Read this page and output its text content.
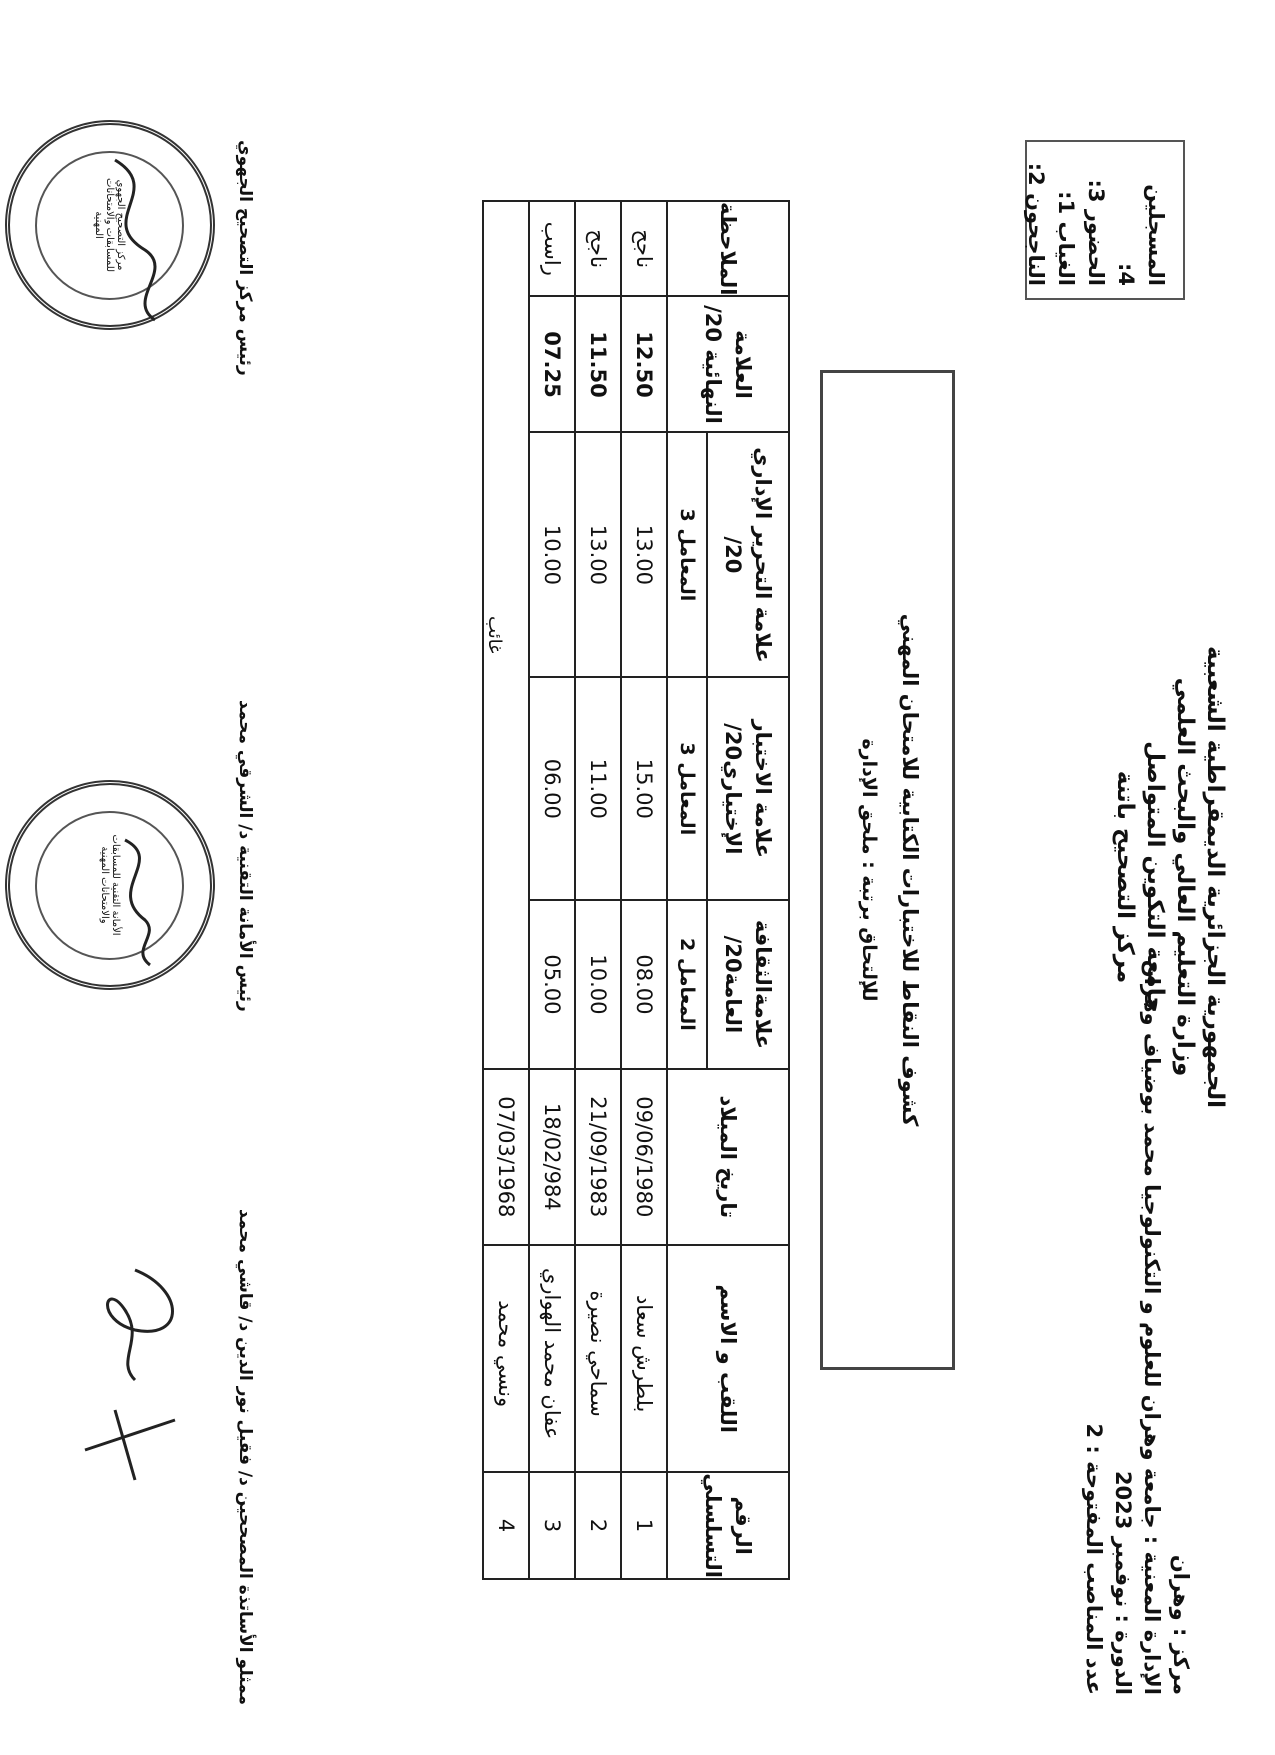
الجمهورية الجزائرية الديمقراطية الشعبية
وزارة التعليم العالي والبحث العلمي
جامعة التكوين المتواصل
مركز التصحيح باتنة
مركز : وهران
الإدارة المعنية : جامعة وهران للعلوم و التكنولوجيا محمد بوضياف وهران
الدورة : نوفمبر 2023
عدد المناصب المفتوحة : 2
المسجلين 4:
الحضور 3:
الغياب 1:
الناجحون 2:
كشوف النقاط للاختبارات الكتابية للامتحان المهني
للإلتحاق برتبة : ملحق الإدارة
الرقم التسلسلي	اللقب و الاسم	تاريخ الميلاد	علامةالثقافة العامة20/	علامة الاختبار الإختياري20/	علامة التحرير الإداري 20/	العلامة النهائية 20/	الملاحظة
			المعامل 2	المعامل 3	المعامل 3		
1	بلطرش سعاد	09/06/1980	08.00	15.00	13.00	12.50	ناجح
2	سماحي نصيرة	21/09/1983	10.00	11.00	13.00	11.50	ناجح
3	عفان محمد الهواري	18/02/984	05.00	06.00	10.00	07.25	راسب
4	ونسي محمد	07/03/1968	غائب				
ممثلو الأساتذة المصححين د/ فقيل نور الدين د/ قاشي محمد
رئيس الأمانة التقنية د/ الشرقي محمد
رئيس مركز التصحيح الجهوي
مركز التصحيح الجهوي للمسابقات والامتحانات المهنية
الأمانة التقنية للمسابقات والامتحانات المهنية
